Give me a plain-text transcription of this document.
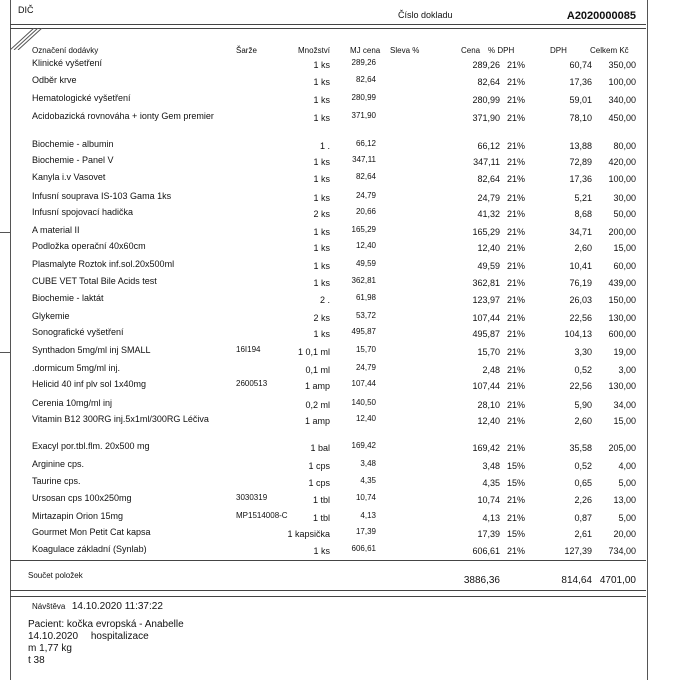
DIČ	Číslo dokladu	A2020000085
Označení dodávky	Šarže	Množství MJ cena Sleva %	Cena % DPH	DPH	Celkem Kč
Klinické vyšetření	1 ks	289,26	289,26 21%	60,74 350,00
Odběr krve	1 ks	82,64	82,64 21%	17,36 100,00
Hematologické vyšetření	1 ks	280,99	280,99 21%	59,01 340,00
Acidobazická rovnováha + ionty Gem premier	1 ks	371,90	371,90 21%	78,10 450,00
Biochemie - albumin	1 .	66,12	66,12 21%	13,88 80,00
Biochemie - Panel V	1 ks	347,11	347,11 21%	72,89 420,00
Kanyla i.v Vasovet	1 ks	82,64	82,64 21%	17,36 100,00
Infusní souprava IS-103 Gama 1ks	1 ks	24,79	24,79 21%	5,21 30,00
Infusní spojovací hadička	2 ks	20,66	41,32 21%	8,68 50,00
A material II	1 ks	165,29	165,29 21%	34,71 200,00
Podložka operační 40x60cm	1 ks	12,40	12,40 21%	2,60 15,00
Plasmalyte Roztok inf.sol.20x500ml	1 ks	49,59	49,59 21%	10,41 60,00
CUBE VET Total Bile Acids test	1 ks	362,81	362,81 21%	76,19 439,00
Biochemie - laktát	2 .	61,98	123,97 21%	26,03 150,00
Glykemie	2 ks	53,72	107,44 21%	22,56 130,00
Sonografické vyšetření	1 ks	495,87	495,87 21%	104,13 600,00
Synthadon 5mg/ml inj SMALL	16I194	1 0,1 ml	15,70	15,70 21%	3,30 19,00
.dormicum 5mg/ml inj.	0,1 ml	24,79	2,48 21%	0,52	3,00
Helicid 40 inf plv sol 1x40mg	2600513	1 amp	107,44	107,44 21%	22,56 130,00
Cerenia 10mg/ml inj	0,2 ml	140,50	28,10 21%	5,90 34,00
Vitamin B12 300RG inj.5x1ml/300RG Léčiva	1 amp	12,40	12,40 21%	2,60 15,00
Exacyl por.tbl.flm. 20x500 mg	1 bal	169,42	169,42 21%	35,58 205,00
Arginine cps.	1 cps	3,48	3,48 15%	0,52	4,00
Taurine cps.	1 cps	4,35	4,35 15%	0,65	5,00
Ursosan cps 100x250mg	3030319	1 tbl	10,74	10,74 21%	2,26 13,00
Mirtazapin Orion 15mg	MP1514008-C	1 tbl	4,13	4,13 21%	0,87	5,00
Gourmet Mon Petit Cat kapsa	1 kapsička	17,39	17,39 15%	2,61 20,00
Koagulace základní (Synlab)	1 ks	606,61	606,61 21%	127,39 734,00
Součet položek	3886,36	814,64 4701,00
Návštěva 14.10.2020 11:37:22
Pacient: kočka evropská - Anabelle
14.10.2020 hospitalizace
m 1,77 kg
t 38
